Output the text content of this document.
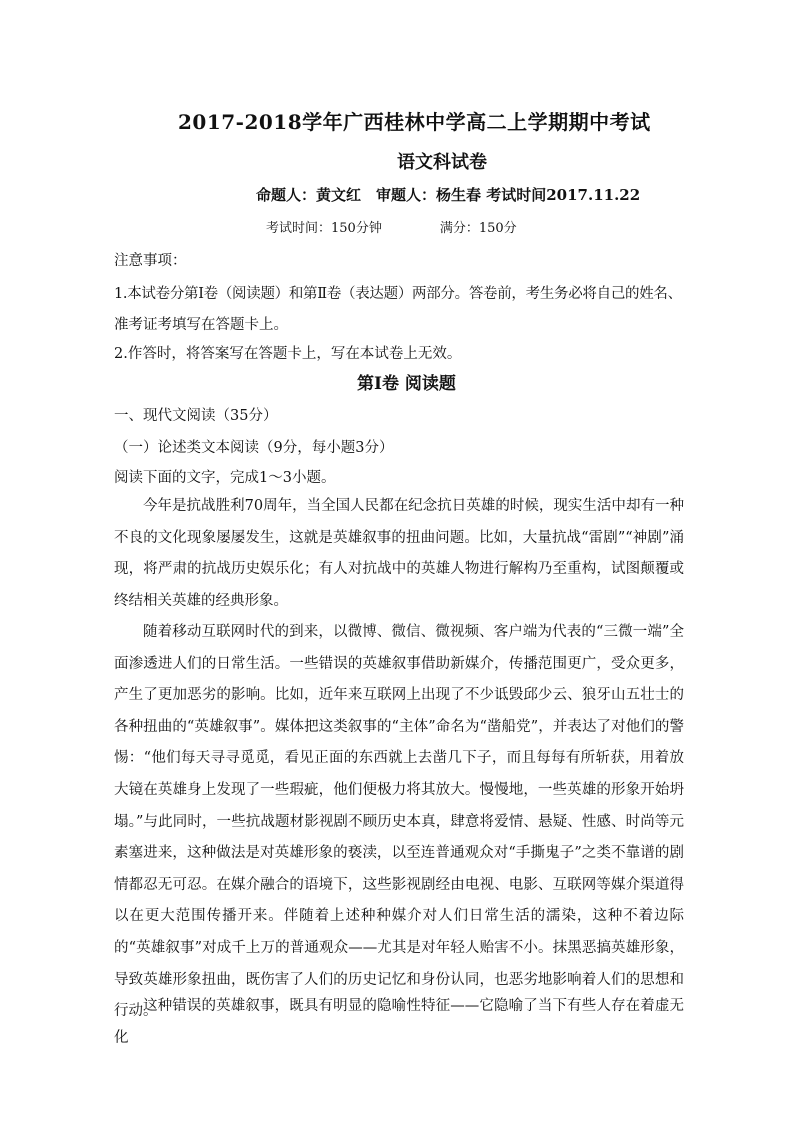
2017-2018学年广西桂林中学高二上学期期中考试
语文科试卷
命题人：黄文红　审题人：杨生春 考试时间2017.11.22
考试时间：150分钟	满分：150分
注意事项：
1.本试卷分第Ⅰ卷（阅读题）和第Ⅱ卷（表达题）两部分。答卷前，考生务必将自己的姓名、
准考证考填写在答题卡上。
2.作答时，将答案写在答题卡上，写在本试卷上无效。
第Ⅰ卷 阅读题
一、现代文阅读（35分）
（一）论述类文本阅读（9分，每小题3分）
阅读下面的文字，完成1～3小题。

今年是抗战胜利70周年，当全国人民都在纪念抗日英雄的时候，现实生活中却有一种不良的文化现象屡屡发生，这就是英雄叙事的扭曲问题。比如，大量抗战“雷剧”“神剧”涌现，将严肃的抗战历史娱乐化；有人对抗战中的英雄人物进行解构乃至重构，试图颠覆或终结相关英雄的经典形象。

随着移动互联网时代的到来，以微博、微信、微视频、客户端为代表的“三微一端”全面渗透进人们的日常生活。一些错误的英雄叙事借助新媒介，传播范围更广，受众更多，产生了更加恶劣的影响。比如，近年来互联网上出现了不少诋毁邱少云、狼牙山五壮士的各种扭曲的“英雄叙事”。媒体把这类叙事的“主体”命名为“凿船党”，并表达了对他们的警惕：“他们每天寻寻觅觅，看见正面的东西就上去凿几下子，而且每每有所斩获，用着放大镜在英雄身上发现了一些瑕疵，他们便极力将其放大。慢慢地，一些英雄的形象开始坍塌。”与此同时，一些抗战题材影视剧不顾历史本真，肆意将爱情、悬疑、性感、时尚等元素塞进来，这种做法是对英雄形象的亵渎，以至连普通观众对“手撕鬼子”之类不靠谱的剧情都忍无可忍。在媒介融合的语境下，这些影视剧经由电视、电影、互联网等媒介渠道得以在更大范围传播开来。伴随着上述种种媒介对人们日常生活的濡染，这种不着边际的“英雄叙事”对成千上万的普通观众——尤其是对年轻人贻害不小。抹黑恶搞英雄形象，导致英雄形象扭曲，既伤害了人们的历史记忆和身份认同，也恶劣地影响着人们的思想和行动。

这种错误的英雄叙事，既具有明显的隐喻性特征——它隐喻了当下有些人存在着虚无化
